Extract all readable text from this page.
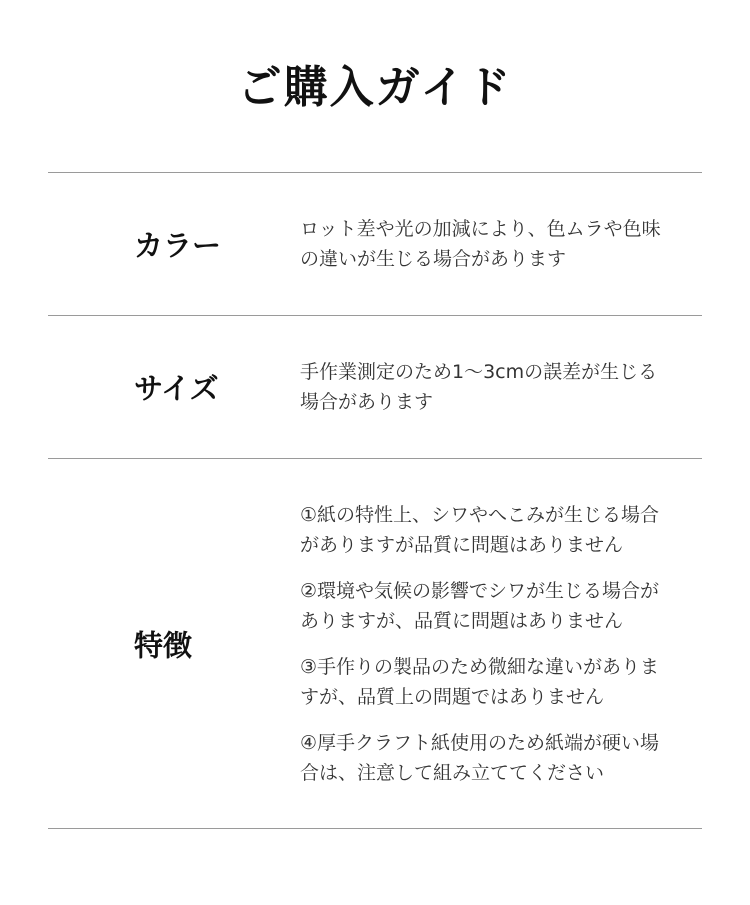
ご購入ガイド
カラー	ロット差や光の加減により、色ムラや色味の違いが生じる場合があります

サイズ	手作業測定のため1〜3cmの誤差が生じる場合があります

特徴

①紙の特性上、シワやへこみが生じる場合がありますが品質に問題はありません

②環境や気候の影響でシワが生じる場合がありますが、品質に問題はありません

③手作りの製品のため微細な違いがありますが、品質上の問題ではありません

④厚手クラフト紙使用のため紙端が硬い場合は、注意して組み立ててください
